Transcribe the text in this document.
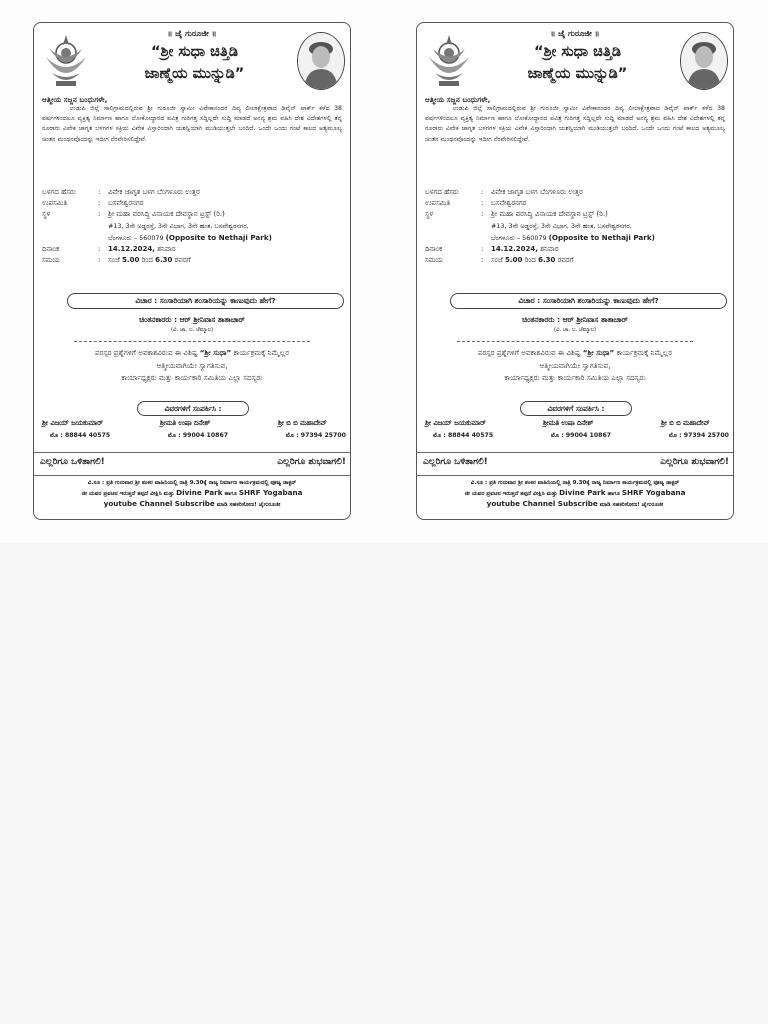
॥ ಜೈ ಗುರೂಜೀ ॥
“ಶ್ರೀ ಸುಧಾ ಚಿತ್ತಿಡಿ
ಜಾಣ್ಮೆಯ ಮುನ್ನುಡಿ”
ಆತ್ಮೀಯ ಸಜ್ಜನ ಬಂಧುಗಳೇ,
ಉಡುಪಿ ಜಿಲ್ಲೆ ಸಾಲಿಗ್ರಾಮದಲ್ಲಿರುವ ಶ್ರೀ ಗುರೂಜೀ ಸ್ವಾಮೀ ವಿವೇಕಾನಂದರ ದಿವ್ಯ ಲೀಲಾಕ್ಷೇತ್ರವಾದ ಡಿವೈನ್ ಪಾರ್ಕ್ ಕಳೆದ 38 ವರ್ಷಗಳಿಂದಲೂ ವ್ಯಕ್ತಿತ್ವ ನಿರ್ಮಾಣ ಹಾಗೂ ಲೋಕೋದ್ಧಾರದ ಪವಿತ್ರ ಗುರಿಗತ್ತ ಸದ್ದಿಲ್ಲದೇ ಸುದ್ದಿ ಮಾಡದೆ ಅನನ್ಯ ಶ್ರಮ ವಹಿಸಿ ದೇಶ ವಿದೇಶಗಳಲ್ಲಿ ತನ್ನ ನೂರಾರು ವಿವೇಕ ಜಾಗೃತ ಬಳಗಗಳ ಸಕ್ರಿಯ ವಿವೇಕ ವಿಸ್ತಾರಿಂದಾಗಿ ಯಶಸ್ವಿಯಾಗಿ ಮುಡಿಯುತ್ತಲೇ ಬಂದಿದೆ. ಒಂದೇ ಒಂದು ಗಂಟೆ ಕಾಲದ ಅತ್ಯಮೂಲ್ಯ ಚಿಂತನ ಮಂಥನವೊಂದನ್ನು ಇದೀಗ ನೆರವೇರಿಸಲಿದ್ದೇವೆ.
ಬಳಗದ ಹೆಸರು	:	ವಿವೇಕ ಜಾಗೃತ ಬಳಗ ಬೆಂಗಳೂರು ಉತ್ತರ
ಉಪಸಮಿತಿ	:	ಬಸವೇಶ್ವರನಗರ
ಸ್ಥಳ	:	ಶ್ರೀ ಮಹಾ ವರಸಿದ್ಧಿ ವಿನಾಯಕ ದೇವಸ್ಥಾನ ಟ್ರಸ್ಟ್ (ರಿ.)
#13, 3ನೇ ಅಡ್ಡರಸ್ತೆ, 3ನೇ ವಿಭಾಗ, 3ನೇ ಹಂತ, ಬಸವೇಶ್ವರನಗರ,
ಬೆಂಗಳೂರು – 560079 (Opposite to Nethaji Park)
ದಿನಾಂಕ	:	14.12.2024, ಶನಿವಾರ
ಸಮಯ	:	ಸಂಜೆ 5.00 ರಿಂದ 6.30 ರವರಗೆ
ವಿಚಾರ : ಸಂಸಾರಿಯಾಗಿ ಶಂಸಾರಿಯನ್ನು ಕಾಣುವುದು ಹೇಗೆ?
ಚಿಂತನಕಾರರು : ಆರ್ ಶ್ರೀನಿವಾಸ ತಾತಾಚಾರ್
(ವಿ. ಜಾ. ಬ. ಜೆಮ್ಮಾಲ)
ಪರಸ್ಪರ ಪ್ರಶ್ನೆಗಳಿಗೆ ಅವಕಾಶವಿರುವ ಈ ವಿಶಿಷ್ಟ “ಶ್ರೀ ಸುಧಾ” ಕಾರ್ಯಕ್ರಮಕ್ಕೆ ನಿಮ್ಮೆಲ್ಲರ
ಆತ್ಮೀಯವಾಗಿಯೇ ಸ್ವಾಗತಿಸುವ,
ಕಾರ್ಯಾಧ್ಯಕ್ಷರು ಮತ್ತು ಕಾರ್ಯಕಾರಿ ಸಮಿತಿಯ ಎಲ್ಲಾ ಸದಸ್ಯರು
ವಿವರಗಳಿಗೆ ಸಂಪರ್ಕಿಸಿ :
ಶ್ರೀ ವಿಜಯ್ ಜಯಕುಮಾರ್
ಮೊ : 88844 40575
ಶ್ರೀಮತಿ ಉಷಾ ದಿನೇಶ್
ಮೊ : 99004 10867
ಶ್ರೀ ಬಿ ಬಿ ಮಹಾದೇವ್
ಮೊ : 97394 25700
ಎಲ್ಲರಿಗೂ ಒಳಿತಾಗಲಿ!	ಎಲ್ಲರಿಗೂ ಶುಭವಾಗಲಿ!
ವಿ.ಸೂ : ಪ್ರತಿ ಗುರುವಾರ ಶ್ರೀ ಶಂಕರ ವಾಹಿನಿಯಲ್ಲಿ ರಾತ್ರಿ 9.30ಕ್ಕೆ ರಾಜ್ಯ ನಿರ್ಮಾಣ ಕಾರ್ಯಕ್ರಮದಲ್ಲಿ ಪೂಜ್ಯ ಡಾಕ್ಟರ್
ಜೀ ಯವರ ಪ್ರವಚನ ಇರುತ್ತದೆ ತಪ್ಪದೆ ವೀಕ್ಷಿಸಿ ಮತ್ತು Divine Park ಹಾಗೂ SHRF Yogabana
youtube Channel Subscribe ಮಾಡಿ ಸಹಕರಿಸೋಣ! ಜೈಗುರೂಜೀ
॥ ಜೈ ಗುರೂಜೀ ॥
“ಶ್ರೀ ಸುಧಾ ಚಿತ್ತಿಡಿ
ಜಾಣ್ಮೆಯ ಮುನ್ನುಡಿ”
ಆತ್ಮೀಯ ಸಜ್ಜನ ಬಂಧುಗಳೇ,
ಉಡುಪಿ ಜಿಲ್ಲೆ ಸಾಲಿಗ್ರಾಮದಲ್ಲಿರುವ ಶ್ರೀ ಗುರೂಜೀ ಸ್ವಾಮೀ ವಿವೇಕಾನಂದರ ದಿವ್ಯ ಲೀಲಾಕ್ಷೇತ್ರವಾದ ಡಿವೈನ್ ಪಾರ್ಕ್ ಕಳೆದ 38 ವರ್ಷಗಳಿಂದಲೂ ವ್ಯಕ್ತಿತ್ವ ನಿರ್ಮಾಣ ಹಾಗೂ ಲೋಕೋದ್ಧಾರದ ಪವಿತ್ರ ಗುರಿಗತ್ತ ಸದ್ದಿಲ್ಲದೇ ಸುದ್ದಿ ಮಾಡದೆ ಅನನ್ಯ ಶ್ರಮ ವಹಿಸಿ ದೇಶ ವಿದೇಶಗಳಲ್ಲಿ ತನ್ನ ನೂರಾರು ವಿವೇಕ ಜಾಗೃತ ಬಳಗಗಳ ಸಕ್ರಿಯ ವಿವೇಕ ವಿಸ್ತಾರಿಂದಾಗಿ ಯಶಸ್ವಿಯಾಗಿ ಮುಡಿಯುತ್ತಲೇ ಬಂದಿದೆ. ಒಂದೇ ಒಂದು ಗಂಟೆ ಕಾಲದ ಅತ್ಯಮೂಲ್ಯ ಚಿಂತನ ಮಂಥನವೊಂದನ್ನು ಇದೀಗ ನೆರವೇರಿಸಲಿದ್ದೇವೆ.
ಬಳಗದ ಹೆಸರು	:	ವಿವೇಕ ಜಾಗೃತ ಬಳಗ ಬೆಂಗಳೂರು ಉತ್ತರ
ಉಪಸಮಿತಿ	:	ಬಸವೇಶ್ವರನಗರ
ಸ್ಥಳ	:	ಶ್ರೀ ಮಹಾ ವರಸಿದ್ಧಿ ವಿನಾಯಕ ದೇವಸ್ಥಾನ ಟ್ರಸ್ಟ್ (ರಿ.)
#13, 3ನೇ ಅಡ್ಡರಸ್ತೆ, 3ನೇ ವಿಭಾಗ, 3ನೇ ಹಂತ, ಬಸವೇಶ್ವರನಗರ,
ಬೆಂಗಳೂರು – 560079 (Opposite to Nethaji Park)
ದಿನಾಂಕ	:	14.12.2024, ಶನಿವಾರ
ಸಮಯ	:	ಸಂಜೆ 5.00 ರಿಂದ 6.30 ರವರಗೆ
ವಿಚಾರ : ಸಂಸಾರಿಯಾಗಿ ಶಂಸಾರಿಯನ್ನು ಕಾಣುವುದು ಹೇಗೆ?
ಚಿಂತನಕಾರರು : ಆರ್ ಶ್ರೀನಿವಾಸ ತಾತಾಚಾರ್
(ವಿ. ಜಾ. ಬ. ಜೆಮ್ಮಾಲ)
ಪರಸ್ಪರ ಪ್ರಶ್ನೆಗಳಿಗೆ ಅವಕಾಶವಿರುವ ಈ ವಿಶಿಷ್ಟ “ಶ್ರೀ ಸುಧಾ” ಕಾರ್ಯಕ್ರಮಕ್ಕೆ ನಿಮ್ಮೆಲ್ಲರ
ಆತ್ಮೀಯವಾಗಿಯೇ ಸ್ವಾಗತಿಸುವ,
ಕಾರ್ಯಾಧ್ಯಕ್ಷರು ಮತ್ತು ಕಾರ್ಯಕಾರಿ ಸಮಿತಿಯ ಎಲ್ಲಾ ಸದಸ್ಯರು
ವಿವರಗಳಿಗೆ ಸಂಪರ್ಕಿಸಿ :
ಶ್ರೀ ವಿಜಯ್ ಜಯಕುಮಾರ್
ಮೊ : 88844 40575
ಶ್ರೀಮತಿ ಉಷಾ ದಿನೇಶ್
ಮೊ : 99004 10867
ಶ್ರೀ ಬಿ ಬಿ ಮಹಾದೇವ್
ಮೊ : 97394 25700
ಎಲ್ಲರಿಗೂ ಒಳಿತಾಗಲಿ!	ಎಲ್ಲರಿಗೂ ಶುಭವಾಗಲಿ!
ವಿ.ಸೂ : ಪ್ರತಿ ಗುರುವಾರ ಶ್ರೀ ಶಂಕರ ವಾಹಿನಿಯಲ್ಲಿ ರಾತ್ರಿ 9.30ಕ್ಕೆ ರಾಜ್ಯ ನಿರ್ಮಾಣ ಕಾರ್ಯಕ್ರಮದಲ್ಲಿ ಪೂಜ್ಯ ಡಾಕ್ಟರ್
ಜೀ ಯವರ ಪ್ರವಚನ ಇರುತ್ತದೆ ತಪ್ಪದೆ ವೀಕ್ಷಿಸಿ ಮತ್ತು Divine Park ಹಾಗೂ SHRF Yogabana
youtube Channel Subscribe ಮಾಡಿ ಸಹಕರಿಸೋಣ! ಜೈಗುರೂಜೀ
